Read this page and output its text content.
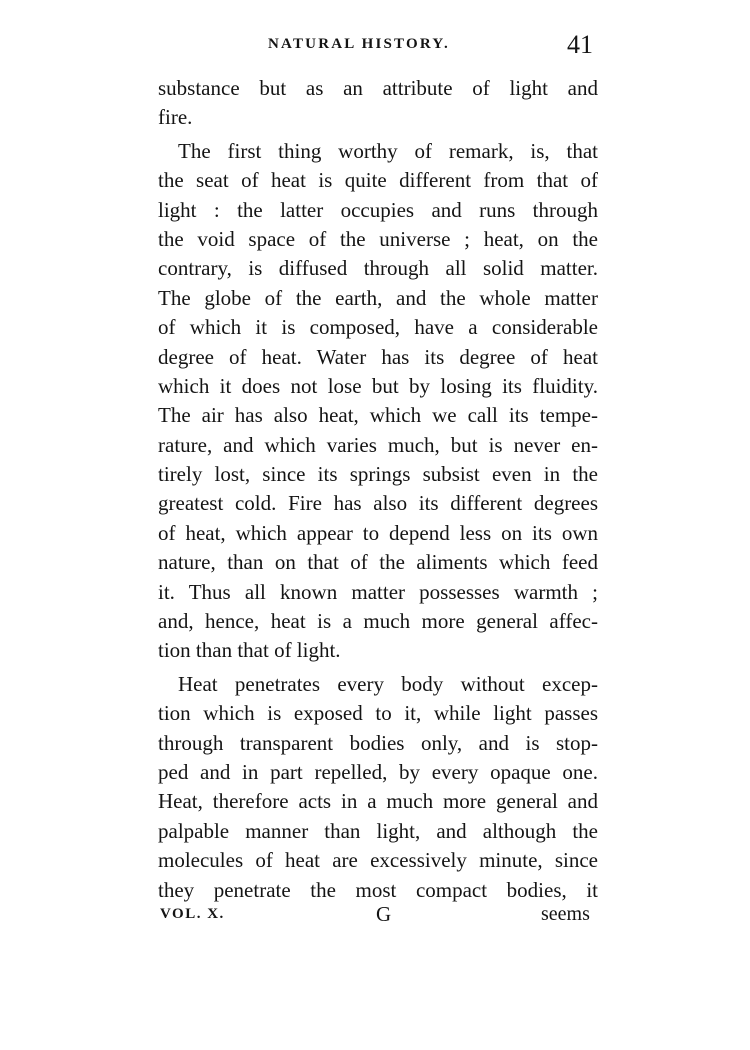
NATURAL HISTORY.	41
substance but as an attribute of light and
fire.
The first thing worthy of remark, is, that
the seat of heat is quite different from that of
light : the latter occupies and runs through
the void space of the universe ; heat, on the
contrary, is diffused through all solid matter.
The globe of the earth, and the whole matter
of which it is composed, have a considerable
degree of heat. Water has its degree of heat
which it does not lose but by losing its fluidity.
The air has also heat, which we call its tempe-
rature, and which varies much, but is never en-
tirely lost, since its springs subsist even in the
greatest cold. Fire has also its different degrees
of heat, which appear to depend less on its own
nature, than on that of the aliments which feed
it. Thus all known matter possesses warmth ;
and, hence, heat is a much more general affec-
tion than that of light.
Heat penetrates every body without excep-
tion which is exposed to it, while light passes
through transparent bodies only, and is stop-
ped and in part repelled, by every opaque one.
Heat, therefore acts in a much more general and
palpable manner than light, and although the
molecules of heat are excessively minute, since
they penetrate the most compact bodies, it
VOL. X.	G	seems
